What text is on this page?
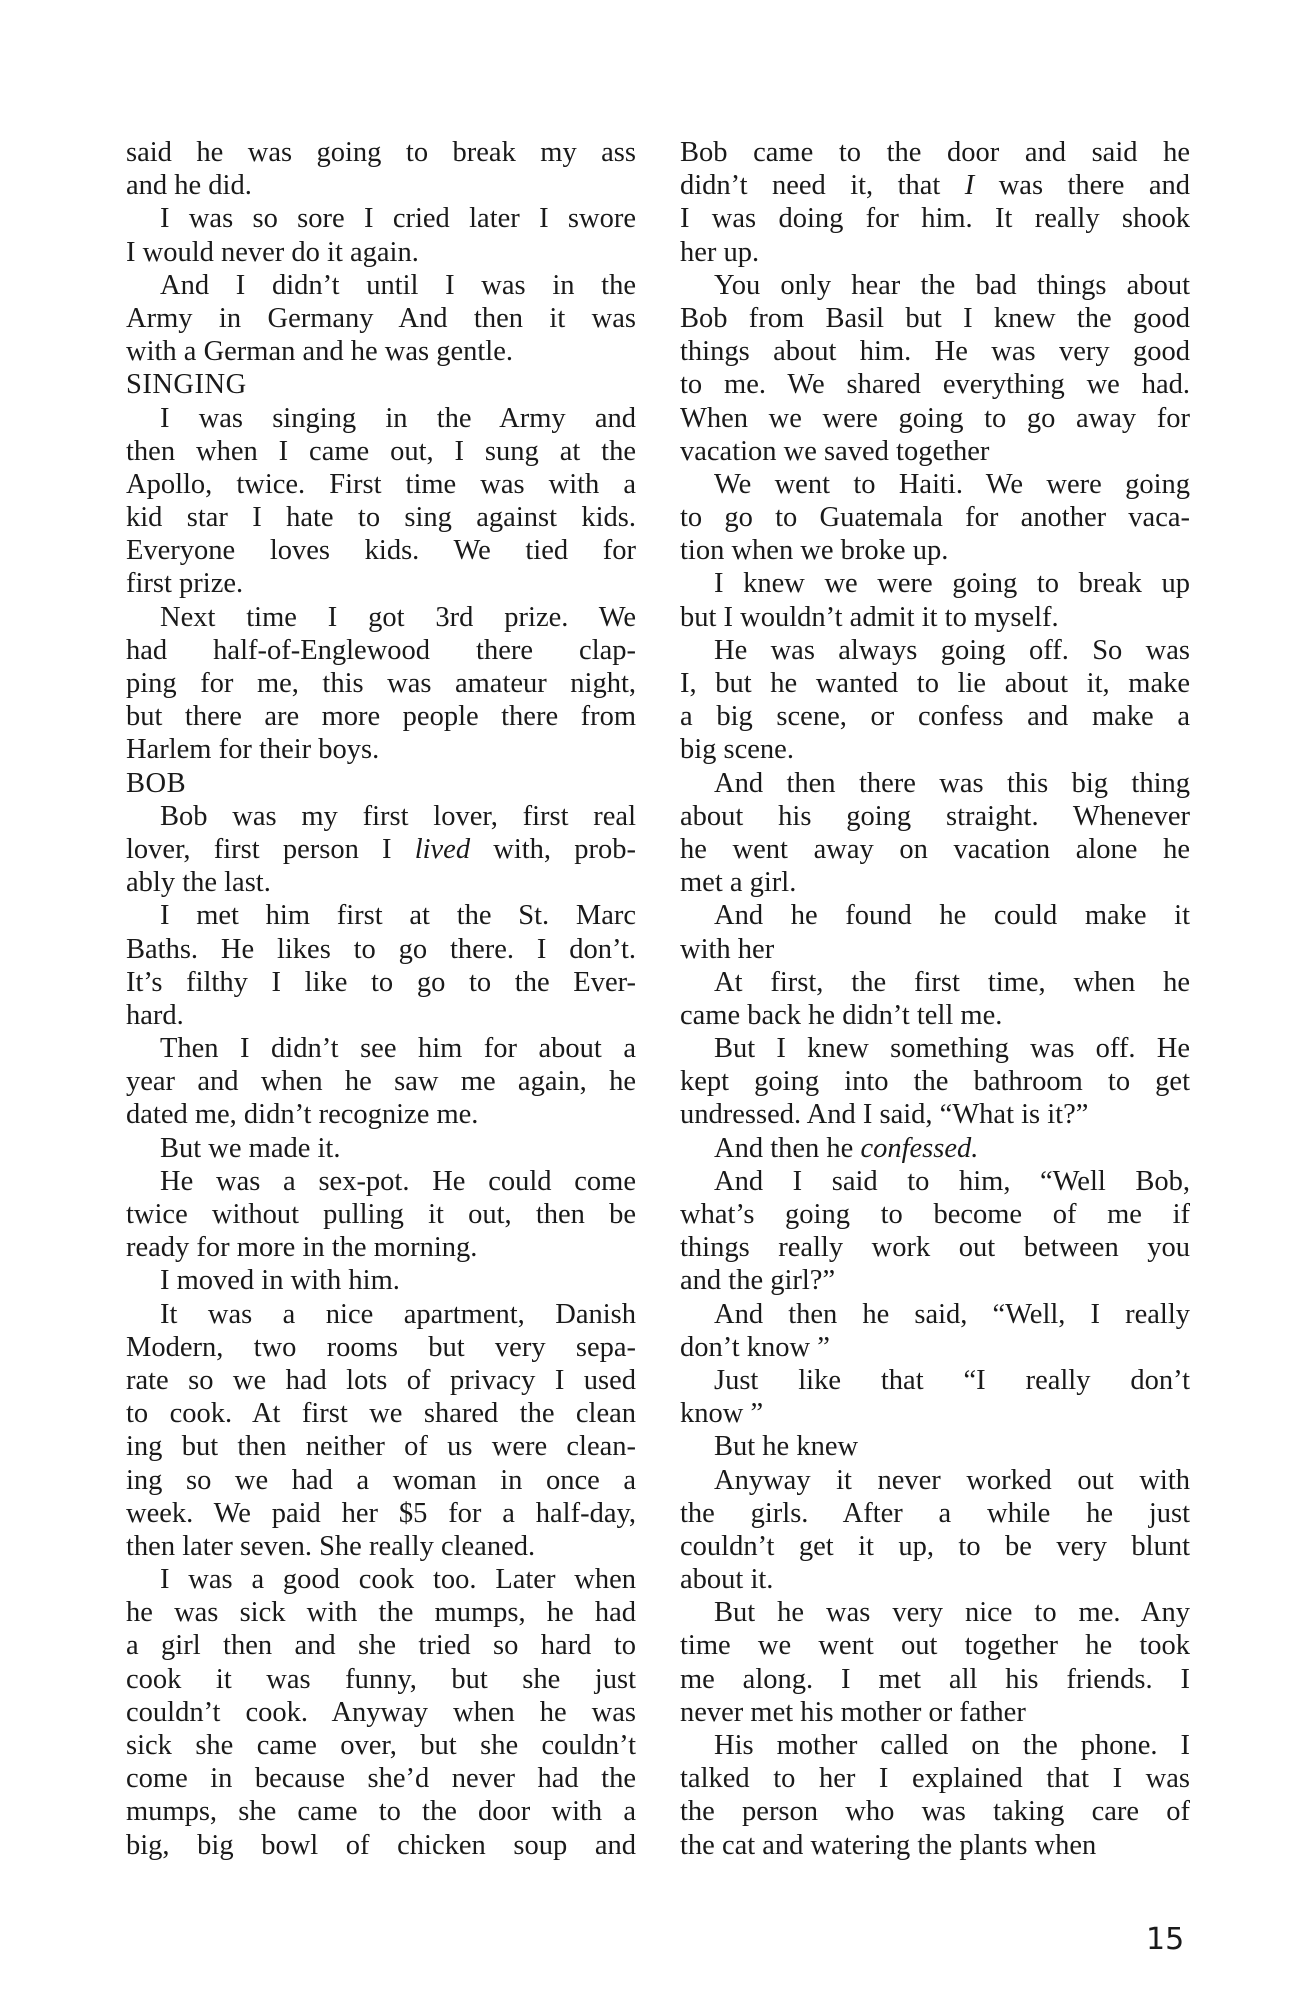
said he was going to break my ass
and he did.
I was so sore I cried later I swore
I would never do it again.
And I didn’t until I was in the
Army in Germany And then it was
with a German and he was gentle.
SINGING
I was singing in the Army and
then when I came out, I sung at the
Apollo, twice. First time was with a
kid star I hate to sing against kids.
Everyone loves kids. We tied for
first prize.
Next time I got 3rd prize. We
had half-of-Englewood there clap-
ping for me, this was amateur night,
but there are more people there from
Harlem for their boys.
BOB
Bob was my first lover, first real
lover, first person I lived with, prob-
ably the last.
I met him first at the St. Marc
Baths. He likes to go there. I don’t.
It’s filthy I like to go to the Ever-
hard.
Then I didn’t see him for about a
year and when he saw me again, he
dated me, didn’t recognize me.
But we made it.
He was a sex-pot. He could come
twice without pulling it out, then be
ready for more in the morning.
I moved in with him.
It was a nice apartment, Danish
Modern, two rooms but very sepa-
rate so we had lots of privacy I used
to cook. At first we shared the clean
ing but then neither of us were clean-
ing so we had a woman in once a
week. We paid her $5 for a half-day,
then later seven. She really cleaned.
I was a good cook too. Later when
he was sick with the mumps, he had
a girl then and she tried so hard to
cook it was funny, but she just
couldn’t cook. Anyway when he was
sick she came over, but she couldn’t
come in because she’d never had the
mumps, she came to the door with a
big, big bowl of chicken soup and
Bob came to the door and said he
didn’t need it, that I was there and
I was doing for him. It really shook
her up.
You only hear the bad things about
Bob from Basil but I knew the good
things about him. He was very good
to me. We shared everything we had.
When we were going to go away for
vacation we saved together
We went to Haiti. We were going
to go to Guatemala for another vaca-
tion when we broke up.
I knew we were going to break up
but I wouldn’t admit it to myself.
He was always going off. So was
I, but he wanted to lie about it, make
a big scene, or confess and make a
big scene.
And then there was this big thing
about his going straight. Whenever
he went away on vacation alone he
met a girl.
And he found he could make it
with her
At first, the first time, when he
came back he didn’t tell me.
But I knew something was off. He
kept going into the bathroom to get
undressed. And I said, “What is it?”
And then he confessed.
And I said to him, “Well Bob,
what’s going to become of me if
things really work out between you
and the girl?”
And then he said, “Well, I really
don’t know ”
Just like that “I really don’t
know ”
But he knew
Anyway it never worked out with
the girls. After a while he just
couldn’t get it up, to be very blunt
about it.
But he was very nice to me. Any
time we went out together he took
me along. I met all his friends. I
never met his mother or father
His mother called on the phone. I
talked to her I explained that I was
the person who was taking care of
the cat and watering the plants when
15
